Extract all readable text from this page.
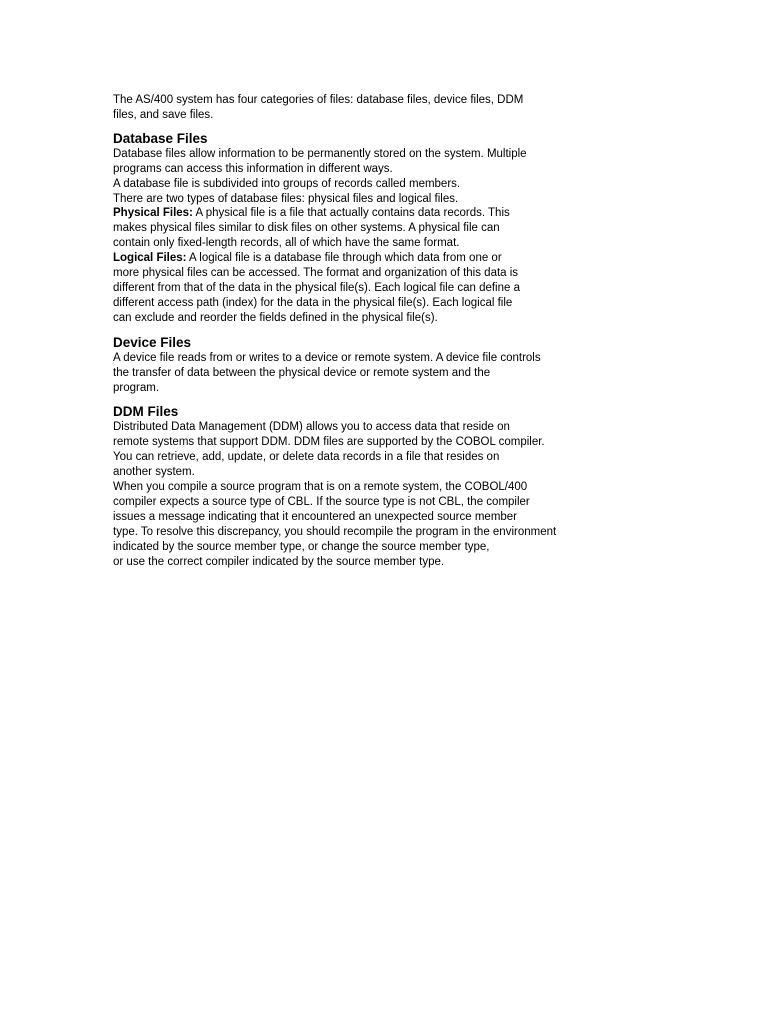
The AS/400 system has four categories of files: database files, device files, DDM

files, and save files.

Database Files

Database files allow information to be permanently stored on the system. Multiple

programs can access this information in different ways.

A database file is subdivided into groups of records called members.

There are two types of database files: physical files and logical files.

Physical Files: A physical file is a file that actually contains data records. This

makes physical files similar to disk files on other systems. A physical file can

contain only fixed-length records, all of which have the same format.

Logical Files: A logical file is a database file through which data from one or

more physical files can be accessed. The format and organization of this data is

different from that of the data in the physical file(s). Each logical file can define a

different access path (index) for the data in the physical file(s). Each logical file

can exclude and reorder the fields defined in the physical file(s).

Device Files

A device file reads from or writes to a device or remote system. A device file controls

the transfer of data between the physical device or remote system and the

program.

DDM Files

Distributed Data Management (DDM) allows you to access data that reside on

remote systems that support DDM. DDM files are supported by the COBOL compiler.

You can retrieve, add, update, or delete data records in a file that resides on

another system.

When you compile a source program that is on a remote system, the COBOL/400

compiler expects a source type of CBL. If the source type is not CBL, the compiler

issues a message indicating that it encountered an unexpected source member

type. To resolve this discrepancy, you should recompile the program in the environment

indicated by the source member type, or change the source member type,

or use the correct compiler indicated by the source member type.
